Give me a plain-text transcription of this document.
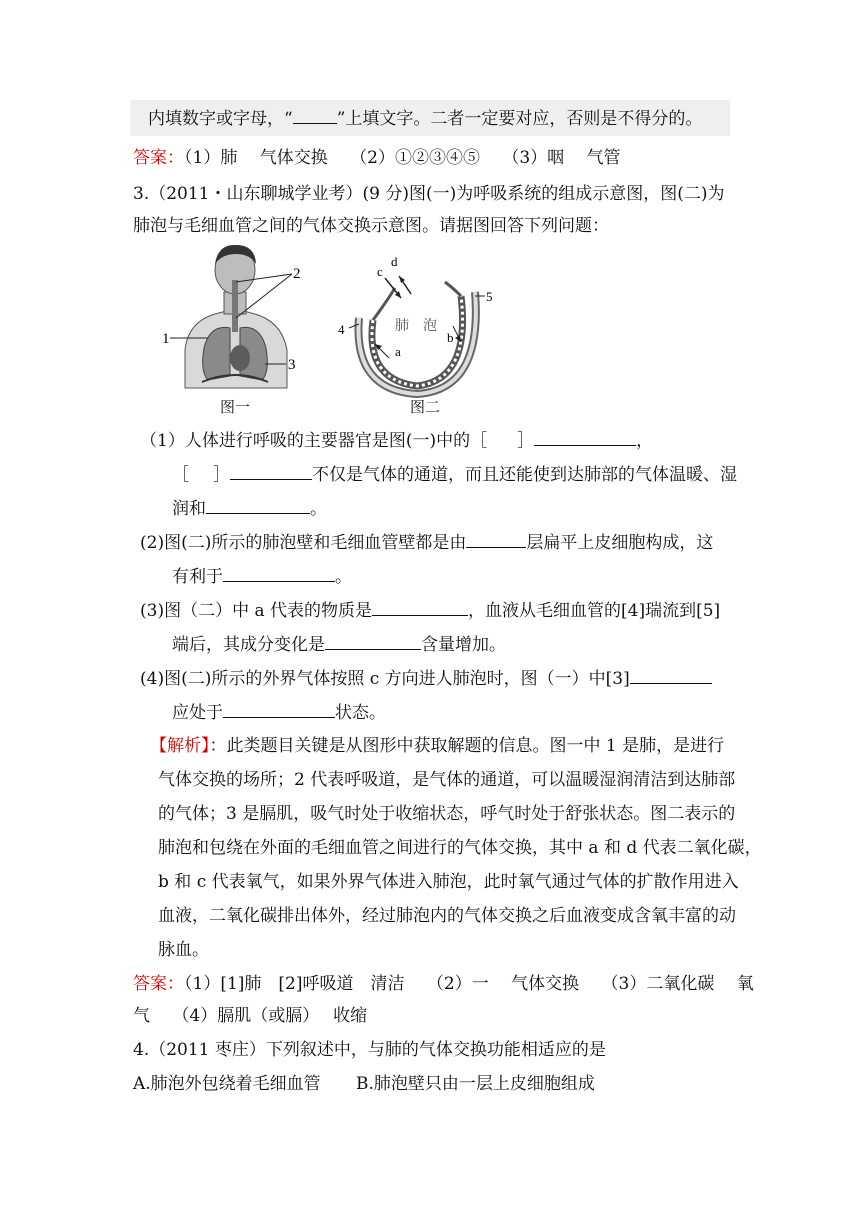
内填数字或字母，“	”上填文字。二者一定要对应，否则是不得分的。
答案：（1）肺　 气体交换　 （2）①②③④⑤　 （3）咽　 气管
3.（2011・山东聊城学业考）(9 分)图(一)为呼吸系统的组成示意图，图(二)为
肺泡与毛细血管之间的气体交换示意图。请据图回答下列问题：
2
1
3
图一
肺　泡
a
b
c
d
4
5
图二
（1）人体进行呼吸的主要器官是图(一)中的［ ］	，
［ ］	不仅是气体的通道，而且还能使到达肺部的气体温暖、湿
润和	。
(2)图(二)所示的肺泡壁和毛细血管壁都是由	层扁平上皮细胞构成，这
有利于	。
(3)图（二）中 a 代表的物质是	，血液从毛细血管的[4]瑞流到[5]
端后，其成分变化是	含量增加。
(4)图(二)所示的外界气体按照 c 方向进人肺泡时，图（一）中[3]
应处于	状态。
【解析】：此类题目关键是从图形中获取解题的信息。图一中 1 是肺，是进行
气体交换的场所；2 代表呼吸道，是气体的通道，可以温暖湿润清洁到达肺部
的气体；3 是膈肌，吸气时处于收缩状态，呼气时处于舒张状态。图二表示的
肺泡和包绕在外面的毛细血管之间进行的气体交换，其中 a 和 d 代表二氧化碳，
b 和 c 代表氧气，如果外界气体进入肺泡，此时氧气通过气体的扩散作用进入
血液，二氧化碳排出体外，经过肺泡内的气体交换之后血液变成含氧丰富的动
脉血。
答案：（1）[1]肺　[2]呼吸道　清洁　 （2）一　 气体交换　 （3）二氧化碳　 氧
气　 （4）膈肌（或膈）　 收缩
4.（2011 枣庄）下列叙述中，与肺的气体交换功能相适应的是
A.肺泡外包绕着毛细血管 B.肺泡壁只由一层上皮细胞组成
